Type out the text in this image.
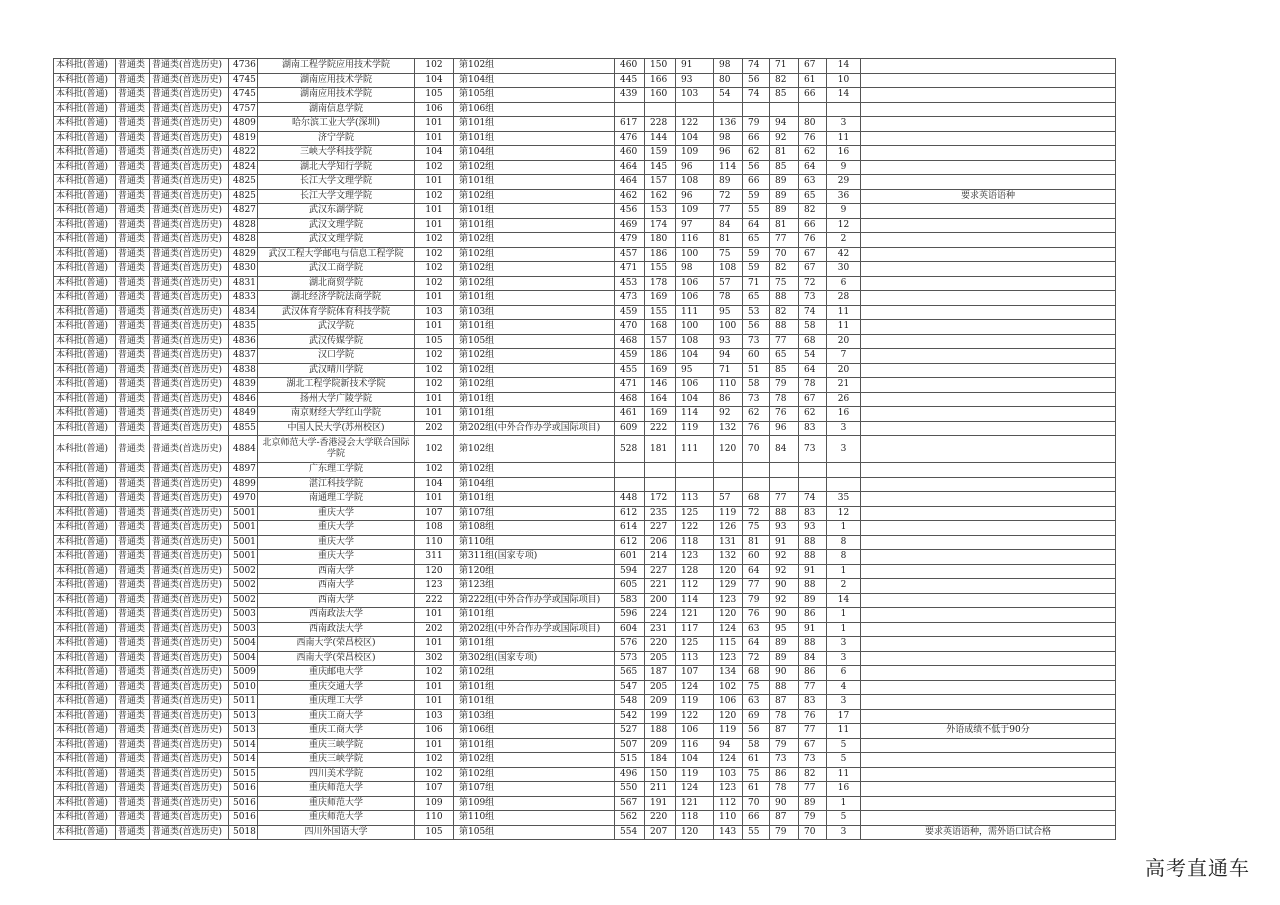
本科批(普通)	普通类	普通类(首选历史)	4736	湖南工程学院应用技术学院	102	第102组	460	150	91	98	74	71	67	14	
本科批(普通)	普通类	普通类(首选历史)	4745	湖南应用技术学院	104	第104组	445	166	93	80	56	82	61	10	
本科批(普通)	普通类	普通类(首选历史)	4745	湖南应用技术学院	105	第105组	439	160	103	54	74	85	66	14	
本科批(普通)	普通类	普通类(首选历史)	4757	湖南信息学院	106	第106组									
本科批(普通)	普通类	普通类(首选历史)	4809	哈尔滨工业大学(深圳)	101	第101组	617	228	122	136	79	94	80	3	
本科批(普通)	普通类	普通类(首选历史)	4819	济宁学院	101	第101组	476	144	104	98	66	92	76	11	
本科批(普通)	普通类	普通类(首选历史)	4822	三峡大学科技学院	104	第104组	460	159	109	96	62	81	62	16	
本科批(普通)	普通类	普通类(首选历史)	4824	湖北大学知行学院	102	第102组	464	145	96	114	56	85	64	9	
本科批(普通)	普通类	普通类(首选历史)	4825	长江大学文理学院	101	第101组	464	157	108	89	66	89	63	29	
本科批(普通)	普通类	普通类(首选历史)	4825	长江大学文理学院	102	第102组	462	162	96	72	59	89	65	36	要求英语语种
本科批(普通)	普通类	普通类(首选历史)	4827	武汉东湖学院	101	第101组	456	153	109	77	55	89	82	9	
本科批(普通)	普通类	普通类(首选历史)	4828	武汉文理学院	101	第101组	469	174	97	84	64	81	66	12	
本科批(普通)	普通类	普通类(首选历史)	4828	武汉文理学院	102	第102组	479	180	116	81	65	77	76	2	
本科批(普通)	普通类	普通类(首选历史)	4829	武汉工程大学邮电与信息工程学院	102	第102组	457	186	100	75	59	70	67	42	
本科批(普通)	普通类	普通类(首选历史)	4830	武汉工商学院	102	第102组	471	155	98	108	59	82	67	30	
本科批(普通)	普通类	普通类(首选历史)	4831	湖北商贸学院	102	第102组	453	178	106	57	71	75	72	6	
本科批(普通)	普通类	普通类(首选历史)	4833	湖北经济学院法商学院	101	第101组	473	169	106	78	65	88	73	28	
本科批(普通)	普通类	普通类(首选历史)	4834	武汉体育学院体育科技学院	103	第103组	459	155	111	95	53	82	74	11	
本科批(普通)	普通类	普通类(首选历史)	4835	武汉学院	101	第101组	470	168	100	100	56	88	58	11	
本科批(普通)	普通类	普通类(首选历史)	4836	武汉传媒学院	105	第105组	468	157	108	93	73	77	68	20	
本科批(普通)	普通类	普通类(首选历史)	4837	汉口学院	102	第102组	459	186	104	94	60	65	54	7	
本科批(普通)	普通类	普通类(首选历史)	4838	武汉晴川学院	102	第102组	455	169	95	71	51	85	64	20	
本科批(普通)	普通类	普通类(首选历史)	4839	湖北工程学院新技术学院	102	第102组	471	146	106	110	58	79	78	21	
本科批(普通)	普通类	普通类(首选历史)	4846	扬州大学广陵学院	101	第101组	468	164	104	86	73	78	67	26	
本科批(普通)	普通类	普通类(首选历史)	4849	南京财经大学红山学院	101	第101组	461	169	114	92	62	76	62	16	
本科批(普通)	普通类	普通类(首选历史)	4855	中国人民大学(苏州校区)	202	第202组(中外合作办学或国际项目)	609	222	119	132	76	96	83	3	
本科批(普通)	普通类	普通类(首选历史)	4884	北京师范大学-香港浸会大学联合国际学院	102	第102组	528	181	111	120	70	84	73	3	
本科批(普通)	普通类	普通类(首选历史)	4897	广东理工学院	102	第102组									
本科批(普通)	普通类	普通类(首选历史)	4899	湛江科技学院	104	第104组									
本科批(普通)	普通类	普通类(首选历史)	4970	南通理工学院	101	第101组	448	172	113	57	68	77	74	35	
本科批(普通)	普通类	普通类(首选历史)	5001	重庆大学	107	第107组	612	235	125	119	72	88	83	12	
本科批(普通)	普通类	普通类(首选历史)	5001	重庆大学	108	第108组	614	227	122	126	75	93	93	1	
本科批(普通)	普通类	普通类(首选历史)	5001	重庆大学	110	第110组	612	206	118	131	81	91	88	8	
本科批(普通)	普通类	普通类(首选历史)	5001	重庆大学	311	第311组(国家专项)	601	214	123	132	60	92	88	8	
本科批(普通)	普通类	普通类(首选历史)	5002	西南大学	120	第120组	594	227	128	120	64	92	91	1	
本科批(普通)	普通类	普通类(首选历史)	5002	西南大学	123	第123组	605	221	112	129	77	90	88	2	
本科批(普通)	普通类	普通类(首选历史)	5002	西南大学	222	第222组(中外合作办学或国际项目)	583	200	114	123	79	92	89	14	
本科批(普通)	普通类	普通类(首选历史)	5003	西南政法大学	101	第101组	596	224	121	120	76	90	86	1	
本科批(普通)	普通类	普通类(首选历史)	5003	西南政法大学	202	第202组(中外合作办学或国际项目)	604	231	117	124	63	95	91	1	
本科批(普通)	普通类	普通类(首选历史)	5004	西南大学(荣昌校区)	101	第101组	576	220	125	115	64	89	88	3	
本科批(普通)	普通类	普通类(首选历史)	5004	西南大学(荣昌校区)	302	第302组(国家专项)	573	205	113	123	72	89	84	3	
本科批(普通)	普通类	普通类(首选历史)	5009	重庆邮电大学	102	第102组	565	187	107	134	68	90	86	6	
本科批(普通)	普通类	普通类(首选历史)	5010	重庆交通大学	101	第101组	547	205	124	102	75	88	77	4	
本科批(普通)	普通类	普通类(首选历史)	5011	重庆理工大学	101	第101组	548	209	119	106	63	87	83	3	
本科批(普通)	普通类	普通类(首选历史)	5013	重庆工商大学	103	第103组	542	199	122	120	69	78	76	17	
本科批(普通)	普通类	普通类(首选历史)	5013	重庆工商大学	106	第106组	527	188	106	119	56	87	77	11	外语成绩不低于90分
本科批(普通)	普通类	普通类(首选历史)	5014	重庆三峡学院	101	第101组	507	209	116	94	58	79	67	5	
本科批(普通)	普通类	普通类(首选历史)	5014	重庆三峡学院	102	第102组	515	184	104	124	61	73	73	5	
本科批(普通)	普通类	普通类(首选历史)	5015	四川美术学院	102	第102组	496	150	119	103	75	86	82	11	
本科批(普通)	普通类	普通类(首选历史)	5016	重庆师范大学	107	第107组	550	211	124	123	61	78	77	16	
本科批(普通)	普通类	普通类(首选历史)	5016	重庆师范大学	109	第109组	567	191	121	112	70	90	89	1	
本科批(普通)	普通类	普通类(首选历史)	5016	重庆师范大学	110	第110组	562	220	118	110	66	87	79	5	
本科批(普通)	普通类	普通类(首选历史)	5018	四川外国语大学	105	第105组	554	207	120	143	55	79	70	3	要求英语语种，需外语口试合格
高考直通车
